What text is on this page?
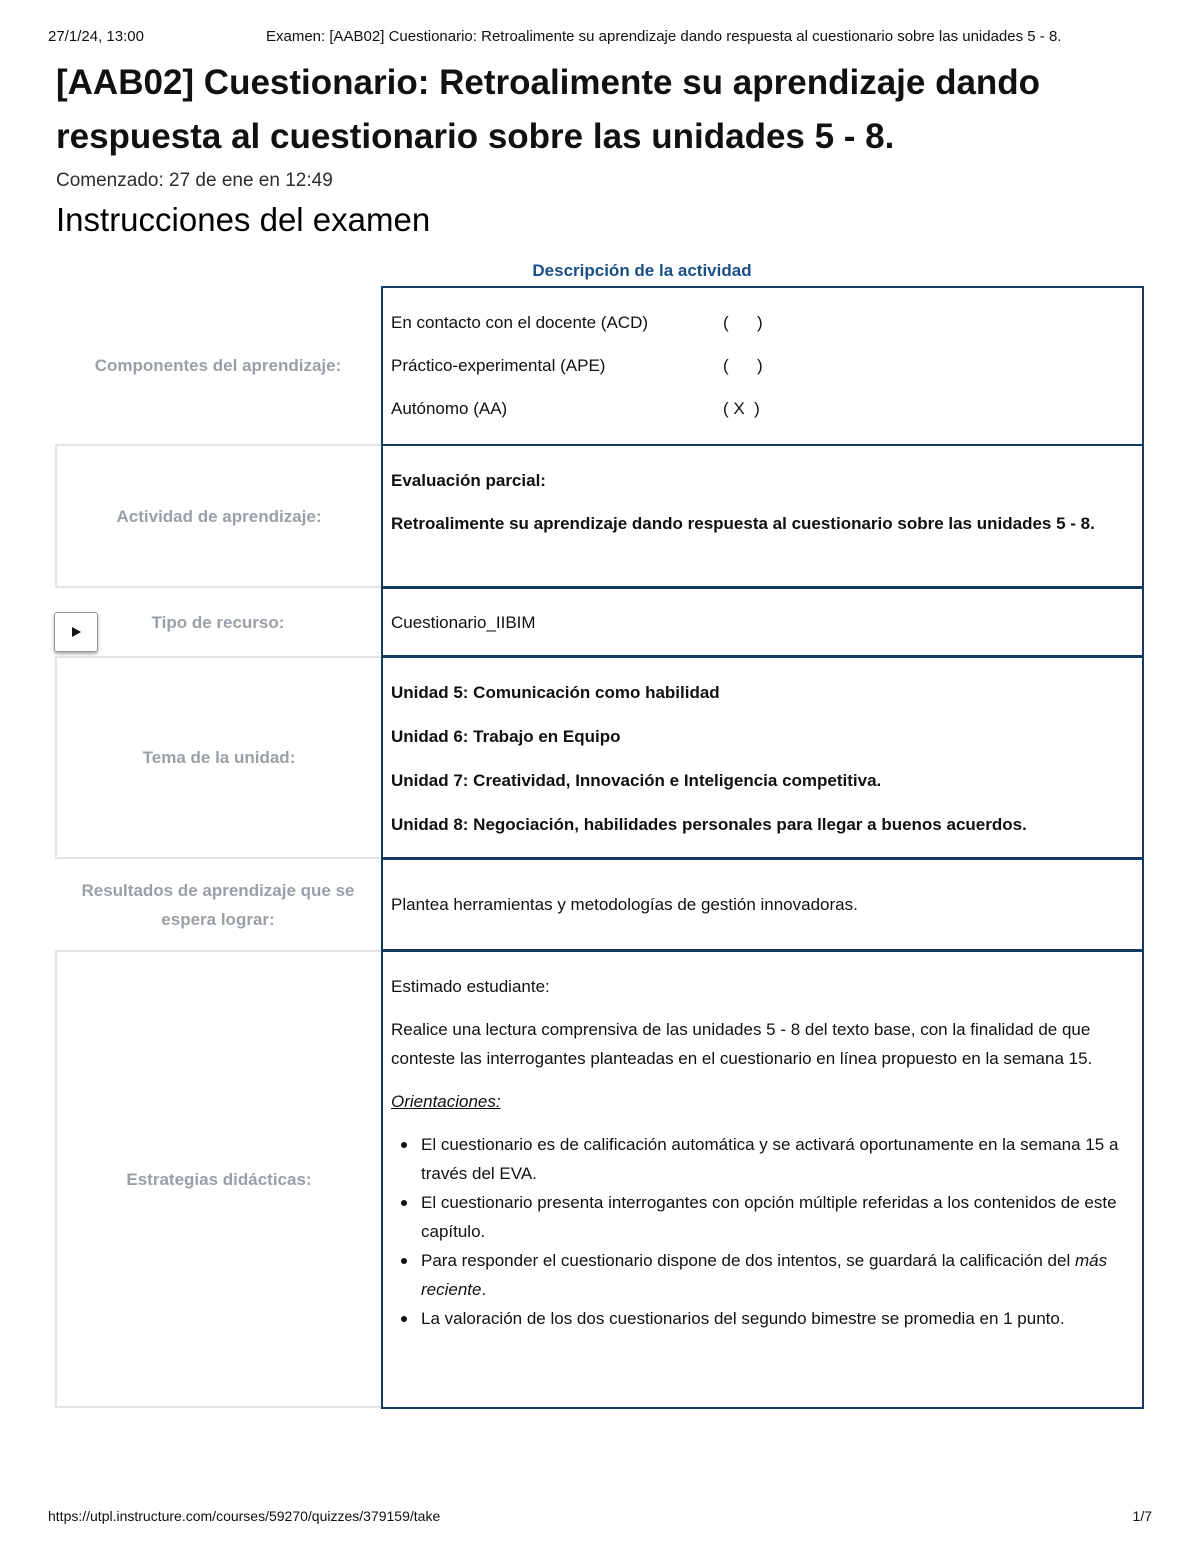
27/1/24, 13:00	Examen: [AAB02] Cuestionario: Retroalimente su aprendizaje dando respuesta al cuestionario sobre las unidades 5 - 8.
[AAB02] Cuestionario: Retroalimente su aprendizaje dando respuesta al cuestionario sobre las unidades 5 - 8.
Comenzado: 27 de ene en 12:49
Instrucciones del examen
Descripción de la actividad
Componentes del aprendizaje:
En contacto con el docente (ACD)	(      )
Práctico-experimental (APE)	(      )
Autónomo (AA)	( X  )
Actividad de aprendizaje:

Evaluación parcial:

Retroalimente su aprendizaje dando respuesta al cuestionario sobre las unidades 5 - 8.

Tipo de recurso:	Cuestionario_IIBIM
Tema de la unidad:

Unidad 5: Comunicación como habilidad

Unidad 6: Trabajo en Equipo

Unidad 7: Creatividad, Innovación e Inteligencia competitiva.

Unidad 8: Negociación, habilidades personales para llegar a buenos acuerdos.

Resultados de aprendizaje que se espera lograr:
Plantea herramientas y metodologías de gestión innovadoras.
Estrategias didácticas:

Estimado estudiante:

Realice una lectura comprensiva de las unidades 5 - 8 del texto base, con la finalidad de que conteste las interrogantes planteadas en el cuestionario en línea propuesto en la semana 15.

Orientaciones:

El cuestionario es de calificación automática y se activará oportunamente en la semana 15 a través del EVA.
El cuestionario presenta interrogantes con opción múltiple referidas a los contenidos de este capítulo.
Para responder el cuestionario dispone de dos intentos, se guardará la calificación del más reciente.
La valoración de los dos cuestionarios del segundo bimestre se promedia en 1 punto.
https://utpl.instructure.com/courses/59270/quizzes/379159/take	1/7
